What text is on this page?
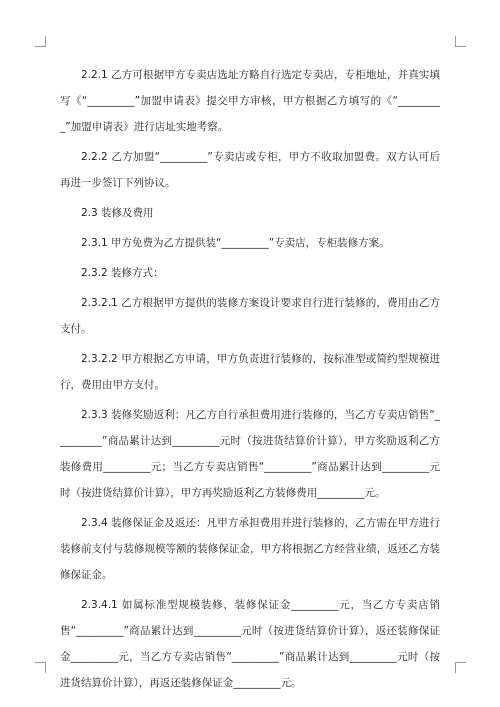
2.2.1 乙方可根据甲方专卖店选址方略自行选定专卖店，专柜地址，并真实填写《“_________”加盟申请表》提交甲方审核，甲方根据乙方填写的《“_________”加盟申请表》进行店址实地考察。

2.2.2 乙方加盟“_________”专卖店或专柜，甲方不收取加盟费。双方认可后再进一步签订下列协议。

2.3 装修及费用

2.3.1 甲方免费为乙方提供装“_________”专卖店，专柜装修方案。

2.3.2 装修方式：

2.3.2.1 乙方根据甲方提供的装修方案设计要求自行进行装修的，费用由乙方支付。

2.3.2.2 甲方根据乙方申请，甲方负责进行装修的，按标准型或简约型规模进行，费用由甲方支付。

2.3.3 装修奖励返利：凡乙方自行承担费用进行装修的，当乙方专卖店销售“_________”商品累计达到_________元时（按进货结算价计算），甲方奖励返利乙方装修费用_________元；当乙方专卖店销售“_________”商品累计达到_________元时（按进货结算价计算），甲方再奖励返利乙方装修费用_________元。

2.3.4 装修保证金及返还：凡甲方承担费用并进行装修的，乙方需在甲方进行装修前支付与装修规模等额的装修保证金，甲方将根据乙方经营业绩，返还乙方装修保证金。

2.3.4.1 如属标准型规模装修，装修保证金_________元，当乙方专卖店销售“_________”商品累计达到_________元时（按进货结算价计算），返还装修保证金_________元，当乙方专卖店销售“_________”商品累计达到_________元时（按进货结算价计算），再返还装修保证金_________元。
